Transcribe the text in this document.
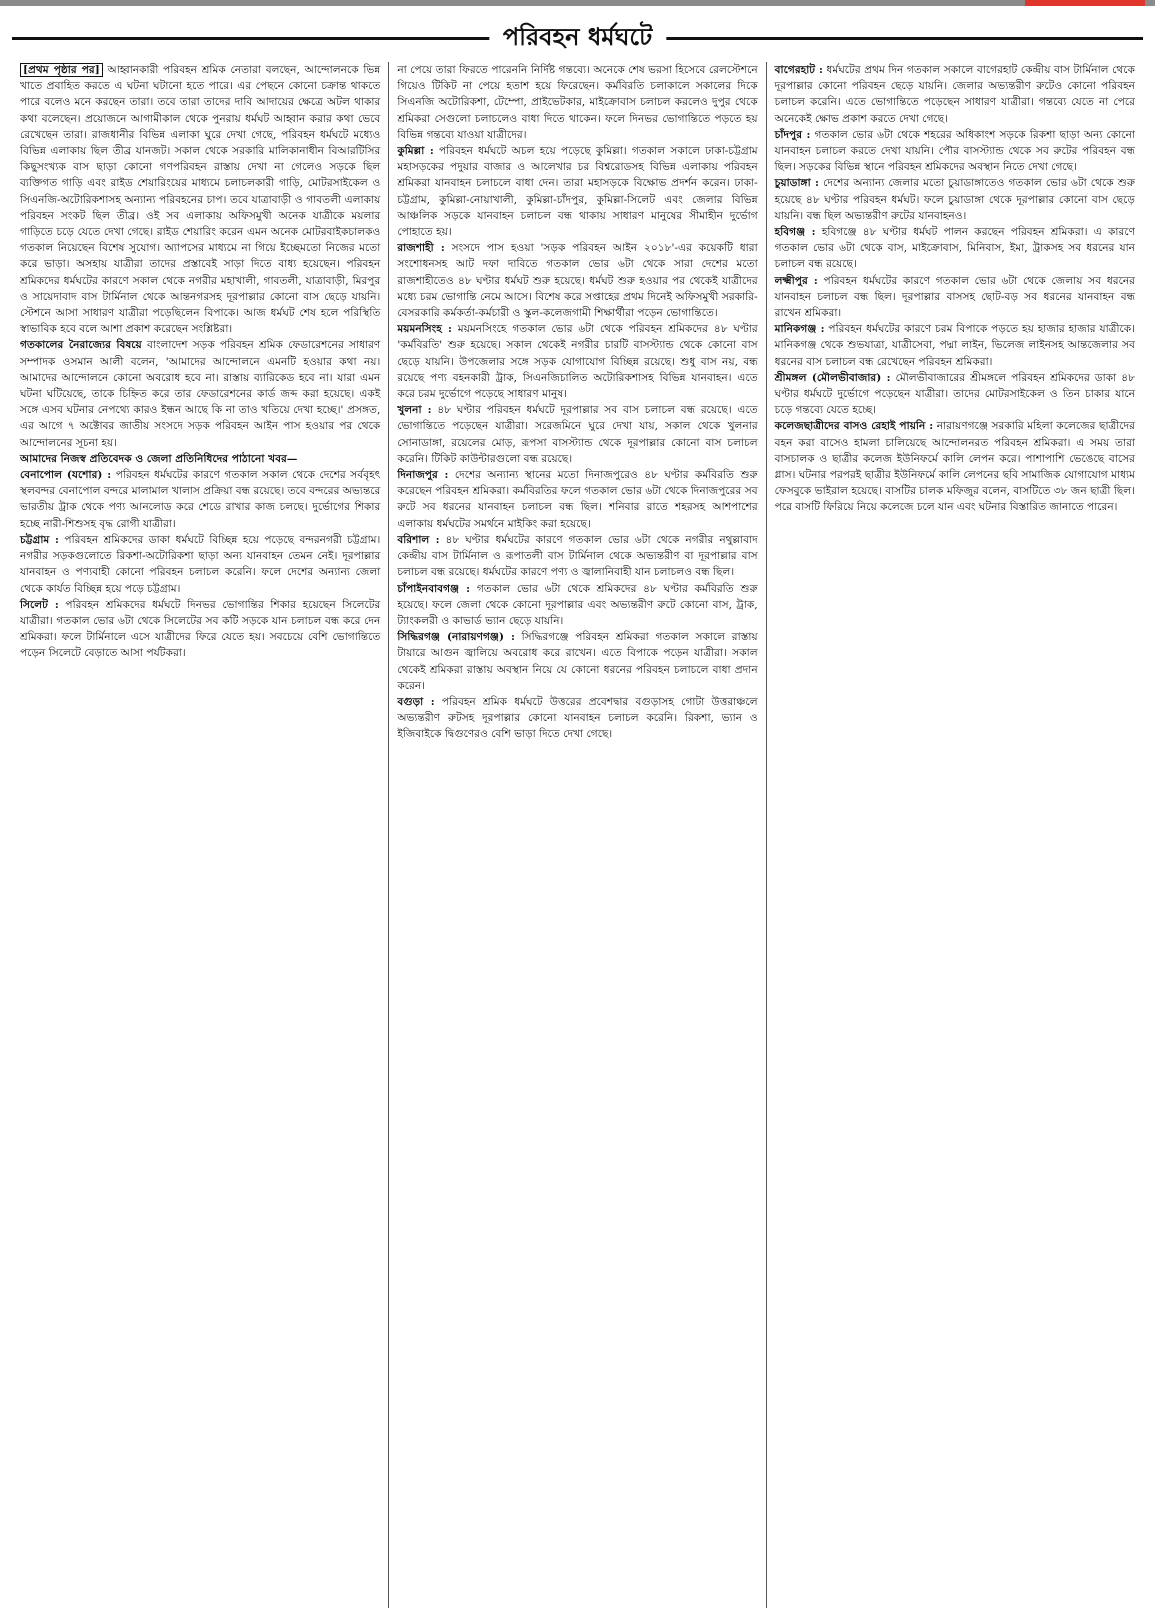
পরিবহন ধর্মঘটে

[প্রথম পৃষ্ঠার পর] আহ্বানকারী পরিবহন শ্রমিক নেতারা বলছেন, আন্দোলনকে ভিন্ন খাতে প্রবাহিত করতে এ ঘটনা ঘটানো হতে পারে। এর পেছনে কোনো চক্রান্ত থাকতে পারে বলেও মনে করছেন তারা। তবে তারা তাদের দাবি আদায়ের ক্ষেত্রে অটল থাকার কথা বলেছেন। প্রয়োজনে আগামীকাল থেকে পুনরায় ধর্মঘট আহ্বান করার কথা ভেবে রেখেছেন তারা। রাজধানীর বিভিন্ন এলাকা ঘুরে দেখা গেছে, পরিবহন ধর্মঘটে মধ্যেও বিভিন্ন এলাকায় ছিল তীব্র যানজট। সকাল থেকে সরকারি মালিকানাধীন বিআরটিসির কিছুসংখ্যক বাস ছাড়া কোনো গণপরিবহন রাস্তায় দেখা না গেলেও সড়কে ছিল ব্যক্তিগত গাড়ি এবং রাইড শেয়ারিংয়ের মাধ্যমে চলাচলকারী গাড়ি, মোটরসাইকেল ও সিএনজি-অটোরিকশাসহ অন্যান্য পরিবহনের চাপ। তবে যাত্রাবাড়ী ও গাবতলী এলাকায় পরিবহন সংকট ছিল তীব্র। ওই সব এলাকায় অফিসমুখী অনেক যাত্রীকে ময়লার গাড়িতে চড়ে যেতে দেখা গেছে। রাইড শেয়ারিং করেন এমন অনেক মোটরবাইকচালকও গতকাল নিয়েছেন বিশেষ সুযোগ। অ্যাপসের মাধ্যমে না গিয়ে ইচ্ছেমতো নিজের মতো করে ভাড়া। অসহায় যাত্রীরা তাদের প্রস্তাবেই সাড়া দিতে বাধ্য হয়েছেন। পরিবহন শ্রমিকদের ধর্মঘটের কারণে সকাল থেকে নগরীর মহাখালী, গাবতলী, যাত্রাবাড়ী, মিরপুর ও সায়েদাবাদ বাস টার্মিনাল থেকে আন্তনগরসহ দূরপাল্লার কোনো বাস ছেড়ে যায়নি। স্টেশনে আসা সাধারণ যাত্রীরা পড়েছিলেন বিপাকে। আজ ধর্মঘট শেষ হলে পরিস্থিতি স্বাভাবিক হবে বলে আশা প্রকাশ করেছেন সংশ্লিষ্টরা।

গতকালের নৈরাজ্যের বিষয়ে বাংলাদেশ সড়ক পরিবহন শ্রমিক ফেডারেশনের সাধারণ সম্পাদক ওসমান আলী বলেন, 'আমাদের আন্দোলনে এমনটি হওয়ার কথা নয়। আমাদের আন্দোলনে কোনো অবরোধ হবে না। রাস্তায় ব্যারিকেড হবে না। যারা এমন ঘটনা ঘটিয়েছে, তাকে চিহ্নিত করে তার ফেডারেশনের কার্ড জব্দ করা হয়েছে। একই সঙ্গে এসব ঘটনার নেপথ্যে কারও ইন্ধন আছে কি না তাও খতিয়ে দেখা হচ্ছে।' প্রসঙ্গত, এর আগে ৭ অক্টোবর জাতীয় সংসদে সড়ক পরিবহন আইন পাস হওয়ার পর থেকে আন্দোলনের সূচনা হয়।

আমাদের নিজস্ব প্রতিবেদক ও জেলা প্রতিনিধিদের পাঠানো খবর—

বেনাপোল (যশোর) : পরিবহন ধর্মঘটের কারণে গতকাল সকাল থেকে দেশের সর্ববৃহৎ স্থলবন্দর বেনাপোল বন্দরে মালামাল খালাস প্রক্রিয়া বন্ধ রয়েছে। তবে বন্দরের অভ্যন্তরে ভারতীয় ট্রাক থেকে পণ্য আনলোড করে শেডে রাখার কাজ চলছে। দুর্ভোগের শিকার হচ্ছে নারী-শিশুসহ বৃদ্ধ রোগী যাত্রীরা।

চট্টগ্রাম : পরিবহন শ্রমিকদের ডাকা ধর্মঘটে বিচ্ছিন্ন হয়ে পড়েছে বন্দরনগরী চট্টগ্রাম। নগরীর সড়কগুলোতে রিকশা-অটোরিকশা ছাড়া অন্য যানবাহন তেমন নেই। দূরপাল্লার যানবাহন ও পণ্যবাহী কোনো পরিবহন চলাচল করেনি। ফলে দেশের অন্যান্য জেলা থেকে কার্যত বিচ্ছিন্ন হয়ে পড়ে চট্টগ্রাম।

সিলেট : পরিবহন শ্রমিকদের ধর্মঘটে দিনভর ভোগান্তির শিকার হয়েছেন সিলেটের যাত্রীরা। গতকাল ভোর ৬টা থেকে সিলেটের সব কটি সড়কে যান চলাচল বন্ধ করে দেন শ্রমিকরা। ফলে টার্মিনালে এসে যাত্রীদের ফিরে যেতে হয়। সবচেয়ে বেশি ভোগান্তিতে পড়েন সিলেটে বেড়াতে আসা পর্যটকরা।

না পেয়ে তারা ফিরতে পারেননি নির্দিষ্ট গন্তব্যে। অনেকে শেষ ভরসা হিসেবে রেলস্টেশনে গিয়েও টিকিট না পেয়ে হতাশ হয়ে ফিরেছেন। কর্মবিরতি চলাকালে সকালের দিকে সিএনজি অটোরিকশা, টেম্পো, প্রাইভেটকার, মাইক্রোবাস চলাচল করলেও দুপুর থেকে শ্রমিকরা সেগুলো চলাচলেও বাধা দিতে থাকেন। ফলে দিনভর ভোগান্তিতে পড়তে হয় বিভিন্ন গন্তব্যে যাওয়া যাত্রীদের।

কুমিল্লা : পরিবহন ধর্মঘটে অচল হয়ে পড়েছে কুমিল্লা। গতকাল সকালে ঢাকা-চট্টগ্রাম মহাসড়কের পদুয়ার বাজার ও আলেখার চর বিশ্বরোডসহ বিভিন্ন এলাকায় পরিবহন শ্রমিকরা যানবাহন চলাচলে বাধা দেন। তারা মহাসড়কে বিক্ষোভ প্রদর্শন করেন। ঢাকা-চট্টগ্রাম, কুমিল্লা-নোয়াখালী, কুমিল্লা-চাঁদপুর, কুমিল্লা-সিলেট এবং জেলার বিভিন্ন আঞ্চলিক সড়কে যানবাহন চলাচল বন্ধ থাকায় সাধারণ মানুষের সীমাহীন দুর্ভোগ পোহাতে হয়।

রাজশাহী : সংসদে পাস হওয়া 'সড়ক পরিবহন আইন ২০১৮'-এর কয়েকটি ধারা সংশোধনসহ আট দফা দাবিতে গতকাল ভোর ৬টা থেকে সারা দেশের মতো রাজশাহীতেও ৪৮ ঘণ্টার ধর্মঘট শুরু হয়েছে। ধর্মঘট শুরু হওয়ার পর থেকেই যাত্রীদের মধ্যে চরম ভোগান্তি নেমে আসে। বিশেষ করে সপ্তাহের প্রথম দিনেই অফিসমুখী সরকারি-বেসরকারি কর্মকর্তা-কর্মচারী ও স্কুল-কলেজগামী শিক্ষার্থীরা পড়েন ভোগান্তিতে।

ময়মনসিংহ : ময়মনসিংহে গতকাল ভোর ৬টা থেকে পরিবহন শ্রমিকদের ৪৮ ঘণ্টার 'কর্মবিরতি' শুরু হয়েছে। সকাল থেকেই নগরীর চারটি বাসস্ট্যান্ড থেকে কোনো বাস ছেড়ে যায়নি। উপজেলার সঙ্গে সড়ক যোগাযোগ বিচ্ছিন্ন রয়েছে। শুধু বাস নয়, বন্ধ রয়েছে পণ্য বহনকারী ট্রাক, সিএনজিচালিত অটোরিকশাসহ বিভিন্ন যানবাহন। এতে করে চরম দুর্ভোগে পড়েছে সাধারণ মানুষ।

খুলনা : ৪৮ ঘণ্টার পরিবহন ধর্মঘটে দূরপাল্লার সব বাস চলাচল বন্ধ রয়েছে। এতে ভোগান্তিতে পড়েছেন যাত্রীরা। সরেজমিনে ঘুরে দেখা যায়, সকাল থেকে খুলনার সোনাডাঙ্গা, রয়েলের মোড়, রূপসা বাসস্ট্যান্ড থেকে দূরপাল্লার কোনো বাস চলাচল করেনি। টিকিট কাউন্টারগুলো বন্ধ রয়েছে।

দিনাজপুর : দেশের অন্যান্য স্থানের মতো দিনাজপুরেও ৪৮ ঘণ্টার কর্মবিরতি শুরু করেছেন পরিবহন শ্রমিকরা। কর্মবিরতির ফলে গতকাল ভোর ৬টা থেকে দিনাজপুরের সব রুটে সব ধরনের যানবাহন চলাচল বন্ধ ছিল। শনিবার রাতে শহরসহ আশপাশের এলাকায় ধর্মঘটের সমর্থনে মাইকিং করা হয়েছে।

বরিশাল : ৪৮ ঘণ্টার ধর্মঘটের কারণে গতকাল ভোর ৬টা থেকে নগরীর নথুল্লাবাদ কেন্দ্রীয় বাস টার্মিনাল ও রূপাতলী বাস টার্মিনাল থেকে অভ্যন্তরীণ বা দূরপাল্লার বাস চলাচল বন্ধ রয়েছে। ধর্মঘটের কারণে পণ্য ও জ্বালানিবাহী যান চলাচলও বন্ধ ছিল।

চাঁপাইনবাবগঞ্জ : গতকাল ভোর ৬টা থেকে শ্রমিকদের ৪৮ ঘণ্টার কর্মবিরতি শুরু হয়েছে। ফলে জেলা থেকে কোনো দূরপাল্লার এবং অভ্যন্তরীণ রুটে কোনো বাস, ট্রাক, ট্যাংকলরী ও কাভার্ড ভ্যান ছেড়ে যায়নি।

সিদ্ধিরগঞ্জ (নারায়ণগঞ্জ) : সিদ্ধিরগঞ্জে পরিবহন শ্রমিকরা গতকাল সকালে রাস্তায় টায়ারে আগুন জ্বালিয়ে অবরোধ করে রাখেন। এতে বিপাকে পড়েন যাত্রীরা। সকাল থেকেই শ্রমিকরা রাস্তায় অবস্থান নিয়ে যে কোনো ধরনের পরিবহন চলাচলে বাধা প্রদান করেন।

বগুড়া : পরিবহন শ্রমিক ধর্মঘটে উত্তরের প্রবেশদ্বার বগুড়াসহ গোটা উত্তরাঞ্চলে অভ্যন্তরীণ রুটসহ দূরপাল্লার কোনো যানবাহন চলাচল করেনি। রিকশা, ভ্যান ও ইজিবাইকে দ্বিগুণেরও বেশি ভাড়া দিতে দেখা গেছে।

বাগেরহাট : ধর্মঘটের প্রথম দিন গতকাল সকালে বাগেরহাট কেন্দ্রীয় বাস টার্মিনাল থেকে দূরপাল্লার কোনো পরিবহন ছেড়ে যায়নি। জেলার অভ্যন্তরীণ রুটেও কোনো পরিবহন চলাচল করেনি। এতে ভোগান্তিতে পড়েছেন সাধারণ যাত্রীরা। গন্তব্যে যেতে না পেরে অনেকেই ক্ষোভ প্রকাশ করতে দেখা গেছে।

চাঁদপুর : গতকাল ভোর ৬টা থেকে শহরের অধিকাংশ সড়কে রিকশা ছাড়া অন্য কোনো যানবাহন চলাচল করতে দেখা যায়নি। পৌর বাসস্ট্যান্ড থেকে সব রুটের পরিবহন বন্ধ ছিল। সড়কের বিভিন্ন স্থানে পরিবহন শ্রমিকদের অবস্থান নিতে দেখা গেছে।

চুয়াডাঙ্গা : দেশের অন্যান্য জেলার মতো চুয়াডাঙ্গাতেও গতকাল ভোর ৬টা থেকে শুরু হয়েছে ৪৮ ঘণ্টার পরিবহন ধর্মঘট। ফলে চুয়াডাঙ্গা থেকে দূরপাল্লার কোনো বাস ছেড়ে যায়নি। বন্ধ ছিল অভ্যন্তরীণ রুটের যানবাহনও।

হবিগঞ্জ : হবিগঞ্জে ৪৮ ঘণ্টার ধর্মঘট পালন করছেন পরিবহন শ্রমিকরা। এ কারণে গতকাল ভোর ৬টা থেকে বাস, মাইক্রোবাস, মিনিবাস, ইমা, ট্রাকসহ সব ধরনের যান চলাচল বন্ধ রয়েছে।

লক্ষ্মীপুর : পরিবহন ধর্মঘটের কারণে গতকাল ভোর ৬টা থেকে জেলায় সব ধরনের যানবাহন চলাচল বন্ধ ছিল। দূরপাল্লার বাসসহ ছোট-বড় সব ধরনের যানবাহন বন্ধ রাখেন শ্রমিকরা।

মানিকগঞ্জ : পরিবহন ধর্মঘটের কারণে চরম বিপাকে পড়তে হয় হাজার হাজার যাত্রীকে। মানিকগঞ্জ থেকে শুভযাত্রা, যাত্রীসেবা, পদ্মা লাইন, ভিলেজ লাইনসহ আন্তজেলার সব ধরনের বাস চলাচল বন্ধ রেখেছেন পরিবহন শ্রমিকরা।

শ্রীমঙ্গল (মৌলভীবাজার) : মৌলভীবাজারের শ্রীমঙ্গলে পরিবহন শ্রমিকদের ডাকা ৪৮ ঘণ্টার ধর্মঘটে দুর্ভোগে পড়েছেন যাত্রীরা। তাদের মোটরসাইকেল ও তিন চাকার যানে চড়ে গন্তব্যে যেতে হচ্ছে।

কলেজছাত্রীদের বাসও রেহাই পায়নি : নারায়ণগঞ্জে সরকারি মহিলা কলেজের ছাত্রীদের বহন করা বাসেও হামলা চালিয়েছে আন্দোলনরত পরিবহন শ্রমিকরা। এ সময় তারা বাসচালক ও ছাত্রীর কলেজ ইউনিফর্মে কালি লেপন করে। পাশাপাশি ভেঙেছে বাসের গ্লাস। ঘটনার পরপরই ছাত্রীর ইউনিফর্মে কালি লেপনের ছবি সামাজিক যোগাযোগ মাধ্যম ফেসবুকে ভাইরাল হয়েছে। বাসটির চালক মফিজুর বলেন, বাসটিতে ৩৮ জন ছাত্রী ছিল। পরে বাসটি ফিরিয়ে নিয়ে কলেজে চলে যান এবং ঘটনার বিস্তারিত জানাতে পারেন।
